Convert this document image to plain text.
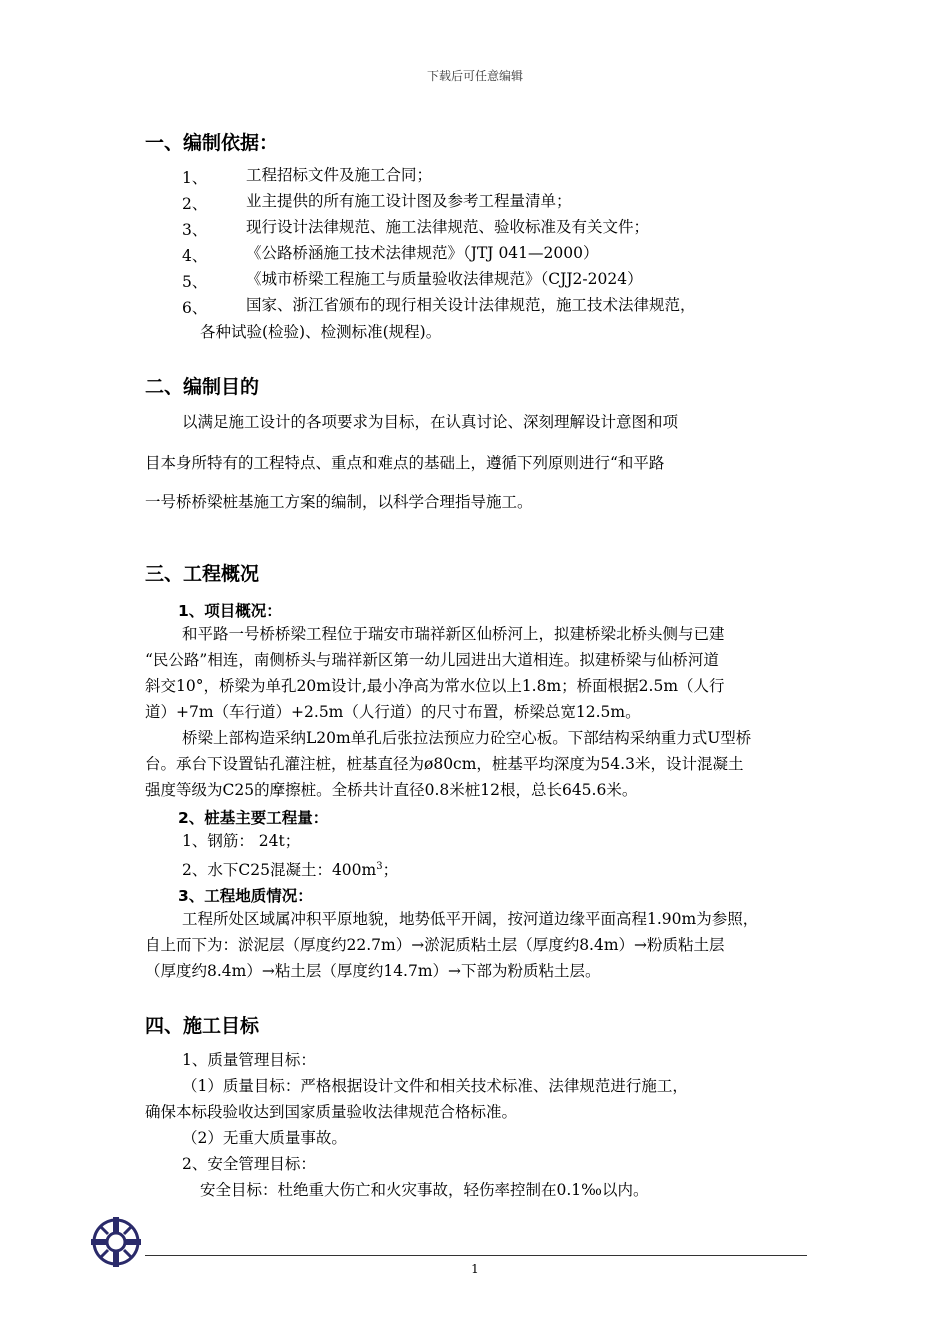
下载后可任意编辑
一、编制依据：
1、 工程招标文件及施工合同；
2、 业主提供的所有施工设计图及参考工程量清单；
3、 现行设计法律规范、施工法律规范、验收标准及有关文件；
4、 《公路桥涵施工技术法律规范》（JTJ 041—2000）
5、 《城市桥梁工程施工与质量验收法律规范》（CJJ2-2024）
6、 国家、浙江省颁布的现行相关设计法律规范，施工技术法律规范，
各种试验(检验)、检测标准(规程)。
二、编制目的
以满足施工设计的各项要求为目标，在认真讨论、深刻理解设计意图和项
目本身所特有的工程特点、重点和难点的基础上，遵循下列原则进行“和平路
一号桥桥梁桩基施工方案的编制，以科学合理指导施工。
三、工程概况
1、项目概况：
和平路一号桥桥梁工程位于瑞安市瑞祥新区仙桥河上，拟建桥梁北桥头侧与已建
“民公路”相连，南侧桥头与瑞祥新区第一幼儿园进出大道相连。拟建桥梁与仙桥河道
斜交10°，桥梁为单孔20m设计,最小净高为常水位以上1.8m；桥面根据2.5m（人行
道）+7m（车行道）+2.5m（人行道）的尺寸布置，桥梁总宽12.5m。
桥梁上部构造采纳L20m单孔后张拉法预应力砼空心板。下部结构采纳重力式U型桥
台。承台下设置钻孔灌注桩，桩基直径为ø80cm，桩基平均深度为54.3米，设计混凝土
强度等级为C25的摩擦桩。全桥共计直径0.8米桩12根，总长645.6米。
2、桩基主要工程量：
1、钢筋： 24t；
2、水下C25混凝土：$400m^3$；
3、工程地质情况：
工程所处区域属冲积平原地貌，地势低平开阔，按河道边缘平面高程1.90m为参照，
自上而下为：淤泥层（厚度约22.7m）→淤泥质粘土层（厚度约8.4m）→粉质粘土层
（厚度约8.4m）→粘土层（厚度约14.7m）→下部为粉质粘土层。
四、施工目标
1、质量管理目标：
（1）质量目标：严格根据设计文件和相关技术标准、法律规范进行施工，
确保本标段验收达到国家质量验收法律规范合格标准。
（2）无重大质量事故。
2、安全管理目标：
安全目标：杜绝重大伤亡和火灾事故，轻伤率控制在0.1‰以内。
1
